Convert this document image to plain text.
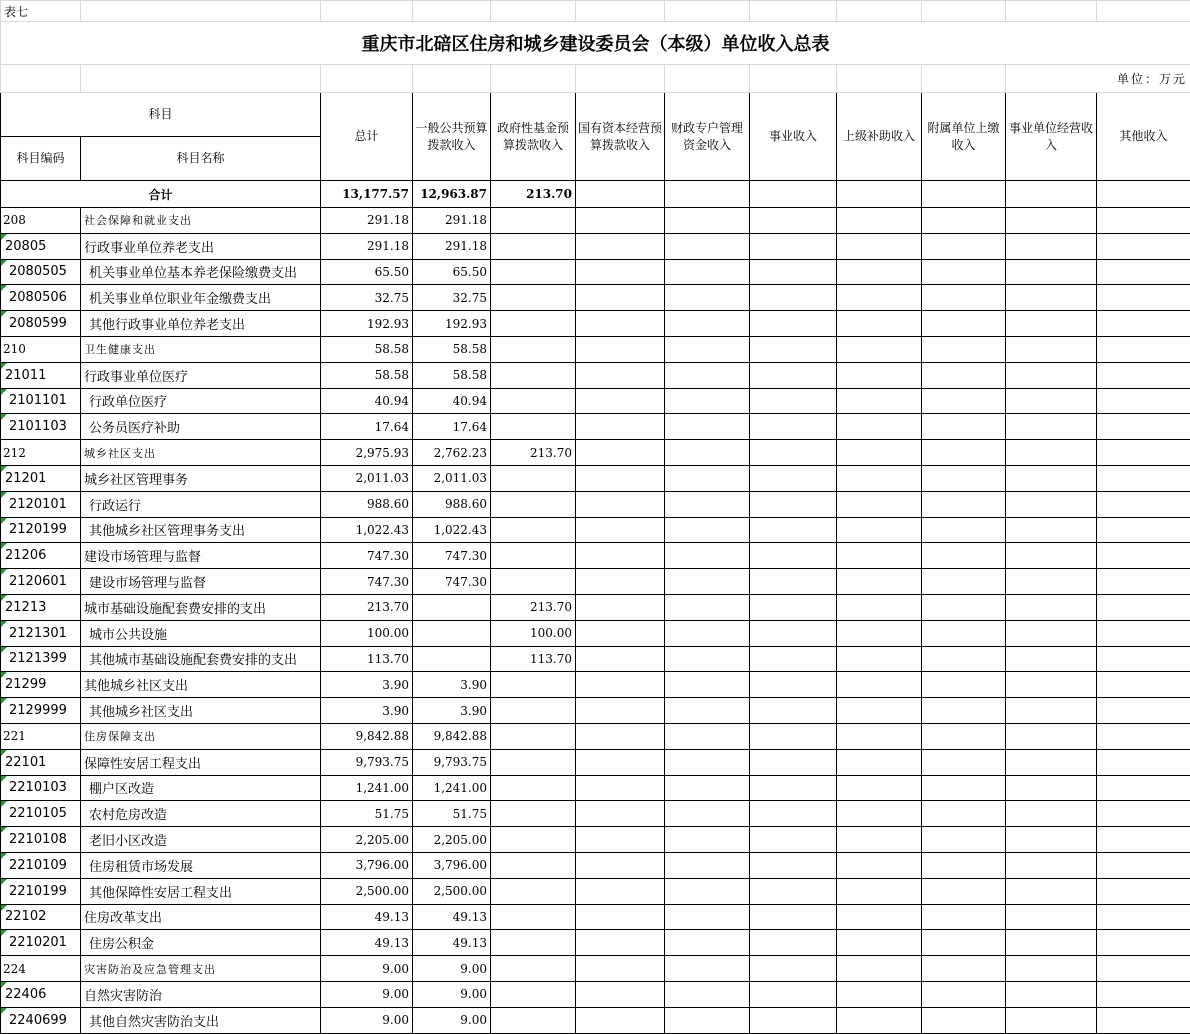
表七											
重庆市北碚区住房和城乡建设委员会（本级）单位收入总表											
										单位：万元	
科目		总计	一般公共预算拨款收入	政府性基金预算拨款收入	国有资本经营预算拨款收入	财政专户管理资金收入	事业收入	上级补助收入	附属单位上缴收入	事业单位经营收入	其他收入
科目编码	科目名称										
合计		13,177.57	12,963.87	213.70							
208	社会保障和就业支出	291.18	291.18								
20805	行政事业单位养老支出	291.18	291.18								
2080505	机关事业单位基本养老保险缴费支出	65.50	65.50								
2080506	机关事业单位职业年金缴费支出	32.75	32.75								
2080599	其他行政事业单位养老支出	192.93	192.93								
210	卫生健康支出	58.58	58.58								
21011	行政事业单位医疗	58.58	58.58								
2101101	行政单位医疗	40.94	40.94								
2101103	公务员医疗补助	17.64	17.64								
212	城乡社区支出	2,975.93	2,762.23	213.70							
21201	城乡社区管理事务	2,011.03	2,011.03								
2120101	行政运行	988.60	988.60								
2120199	其他城乡社区管理事务支出	1,022.43	1,022.43								
21206	建设市场管理与监督	747.30	747.30								
2120601	建设市场管理与监督	747.30	747.30								
21213	城市基础设施配套费安排的支出	213.70		213.70							
2121301	城市公共设施	100.00		100.00							
2121399	其他城市基础设施配套费安排的支出	113.70		113.70							
21299	其他城乡社区支出	3.90	3.90								
2129999	其他城乡社区支出	3.90	3.90								
221	住房保障支出	9,842.88	9,842.88								
22101	保障性安居工程支出	9,793.75	9,793.75								
2210103	棚户区改造	1,241.00	1,241.00								
2210105	农村危房改造	51.75	51.75								
2210108	老旧小区改造	2,205.00	2,205.00								
2210109	住房租赁市场发展	3,796.00	3,796.00								
2210199	其他保障性安居工程支出	2,500.00	2,500.00								
22102	住房改革支出	49.13	49.13								
2210201	住房公积金	49.13	49.13								
224	灾害防治及应急管理支出	9.00	9.00								
22406	自然灾害防治	9.00	9.00								
2240699	其他自然灾害防治支出	9.00	9.00								
